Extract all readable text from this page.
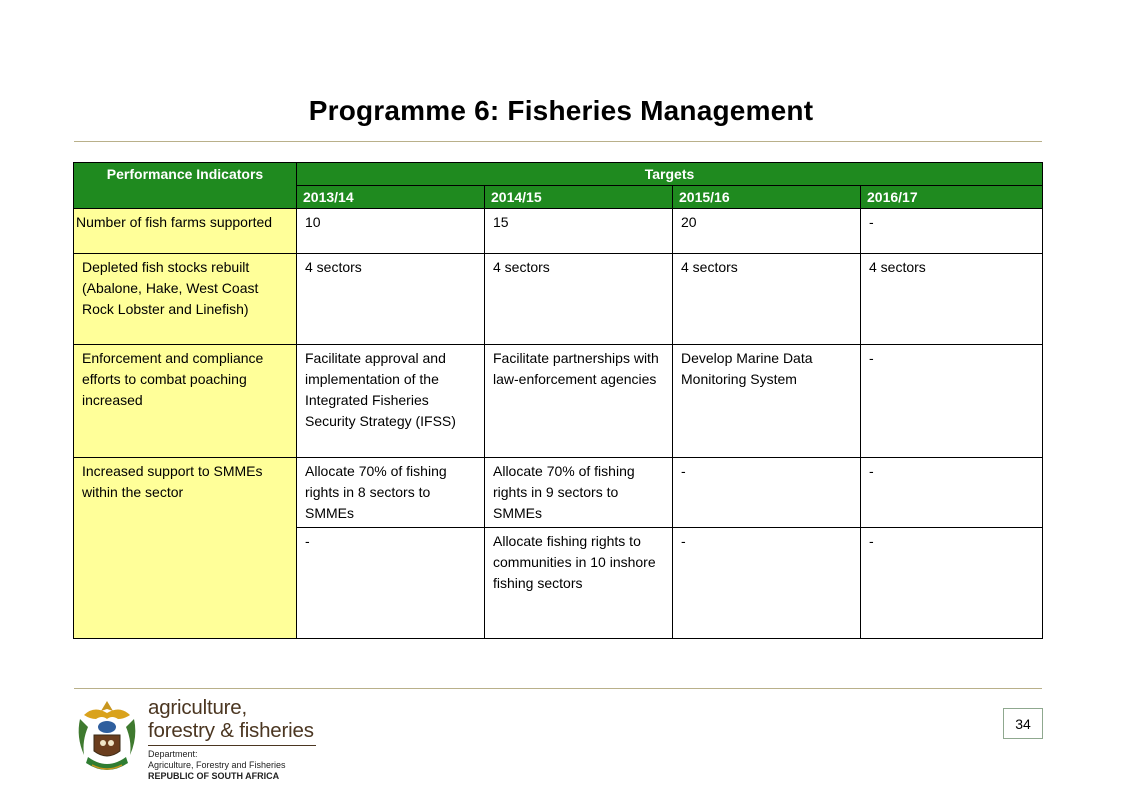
Programme 6: Fisheries Management
Performance Indicators	Targets			
	2013/14	2014/15	2015/16	2016/17
Number of fish farms supported	10	15	20	-
Depleted fish stocks rebuilt (Abalone, Hake, West Coast Rock Lobster and Linefish)	4 sectors	4 sectors	4 sectors	4 sectors
Enforcement and compliance efforts to combat poaching increased	Facilitate approval and implementation of the Integrated Fisheries Security Strategy (IFSS)	Facilitate partnerships with law-enforcement agencies	Develop Marine Data Monitoring System	-
Increased support to SMMEs within the sector	Allocate 70% of fishing rights in 8 sectors to SMMEs	Allocate 70% of fishing rights in 9 sectors to SMMEs	-	-
	-	Allocate fishing rights to communities in 10 inshore fishing sectors	-	-
agriculture,
forestry & fisheries
Department:
Agriculture, Forestry and Fisheries
REPUBLIC OF SOUTH AFRICA
34
